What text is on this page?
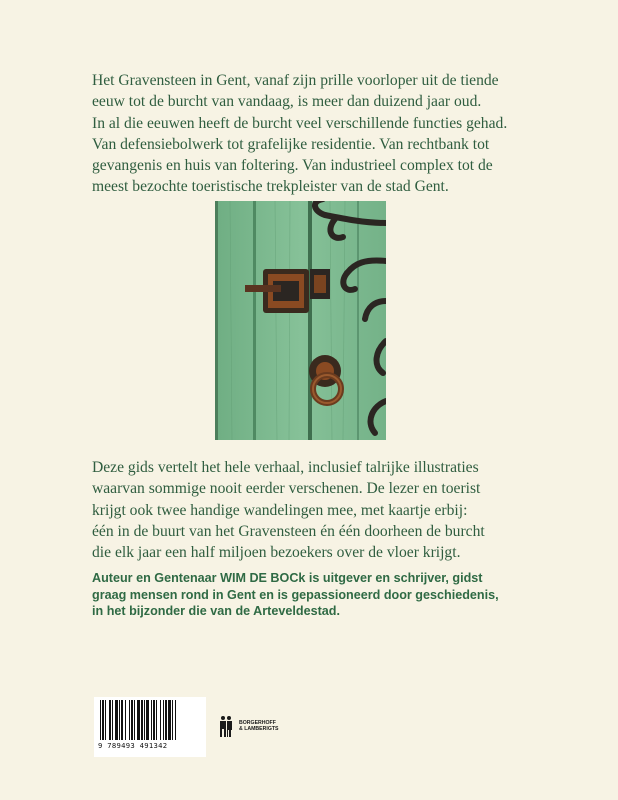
Het Gravensteen in Gent, vanaf zijn prille voorloper uit de tiende
eeuw tot de burcht van vandaag, is meer dan duizend jaar oud.
In al die eeuwen heeft de burcht veel verschillende functies gehad.
Van defensiebolwerk tot grafelijke residentie. Van rechtbank tot
gevangenis en huis van foltering. Van industrieel complex tot de
meest bezochte toeristische trekpleister van de stad Gent.

Deze gids vertelt het hele verhaal, inclusief talrijke illustraties
waarvan sommige nooit eerder verschenen. De lezer en toerist
krijgt ook twee handige wandelingen mee, met kaartje erbij:
één in de buurt van het Gravensteen én één doorheen de burcht
die elk jaar een half miljoen bezoekers over de vloer krijgt.

Auteur en Gentenaar WIM DE BOCk is uitgever en schrijver, gidst
graag mensen rond in Gent en is gepassioneerd door geschiedenis,
in het bijzonder die van de Arteveldestad.

9 789493 491342
BORGERHOFF
& LAMBERIGTS
